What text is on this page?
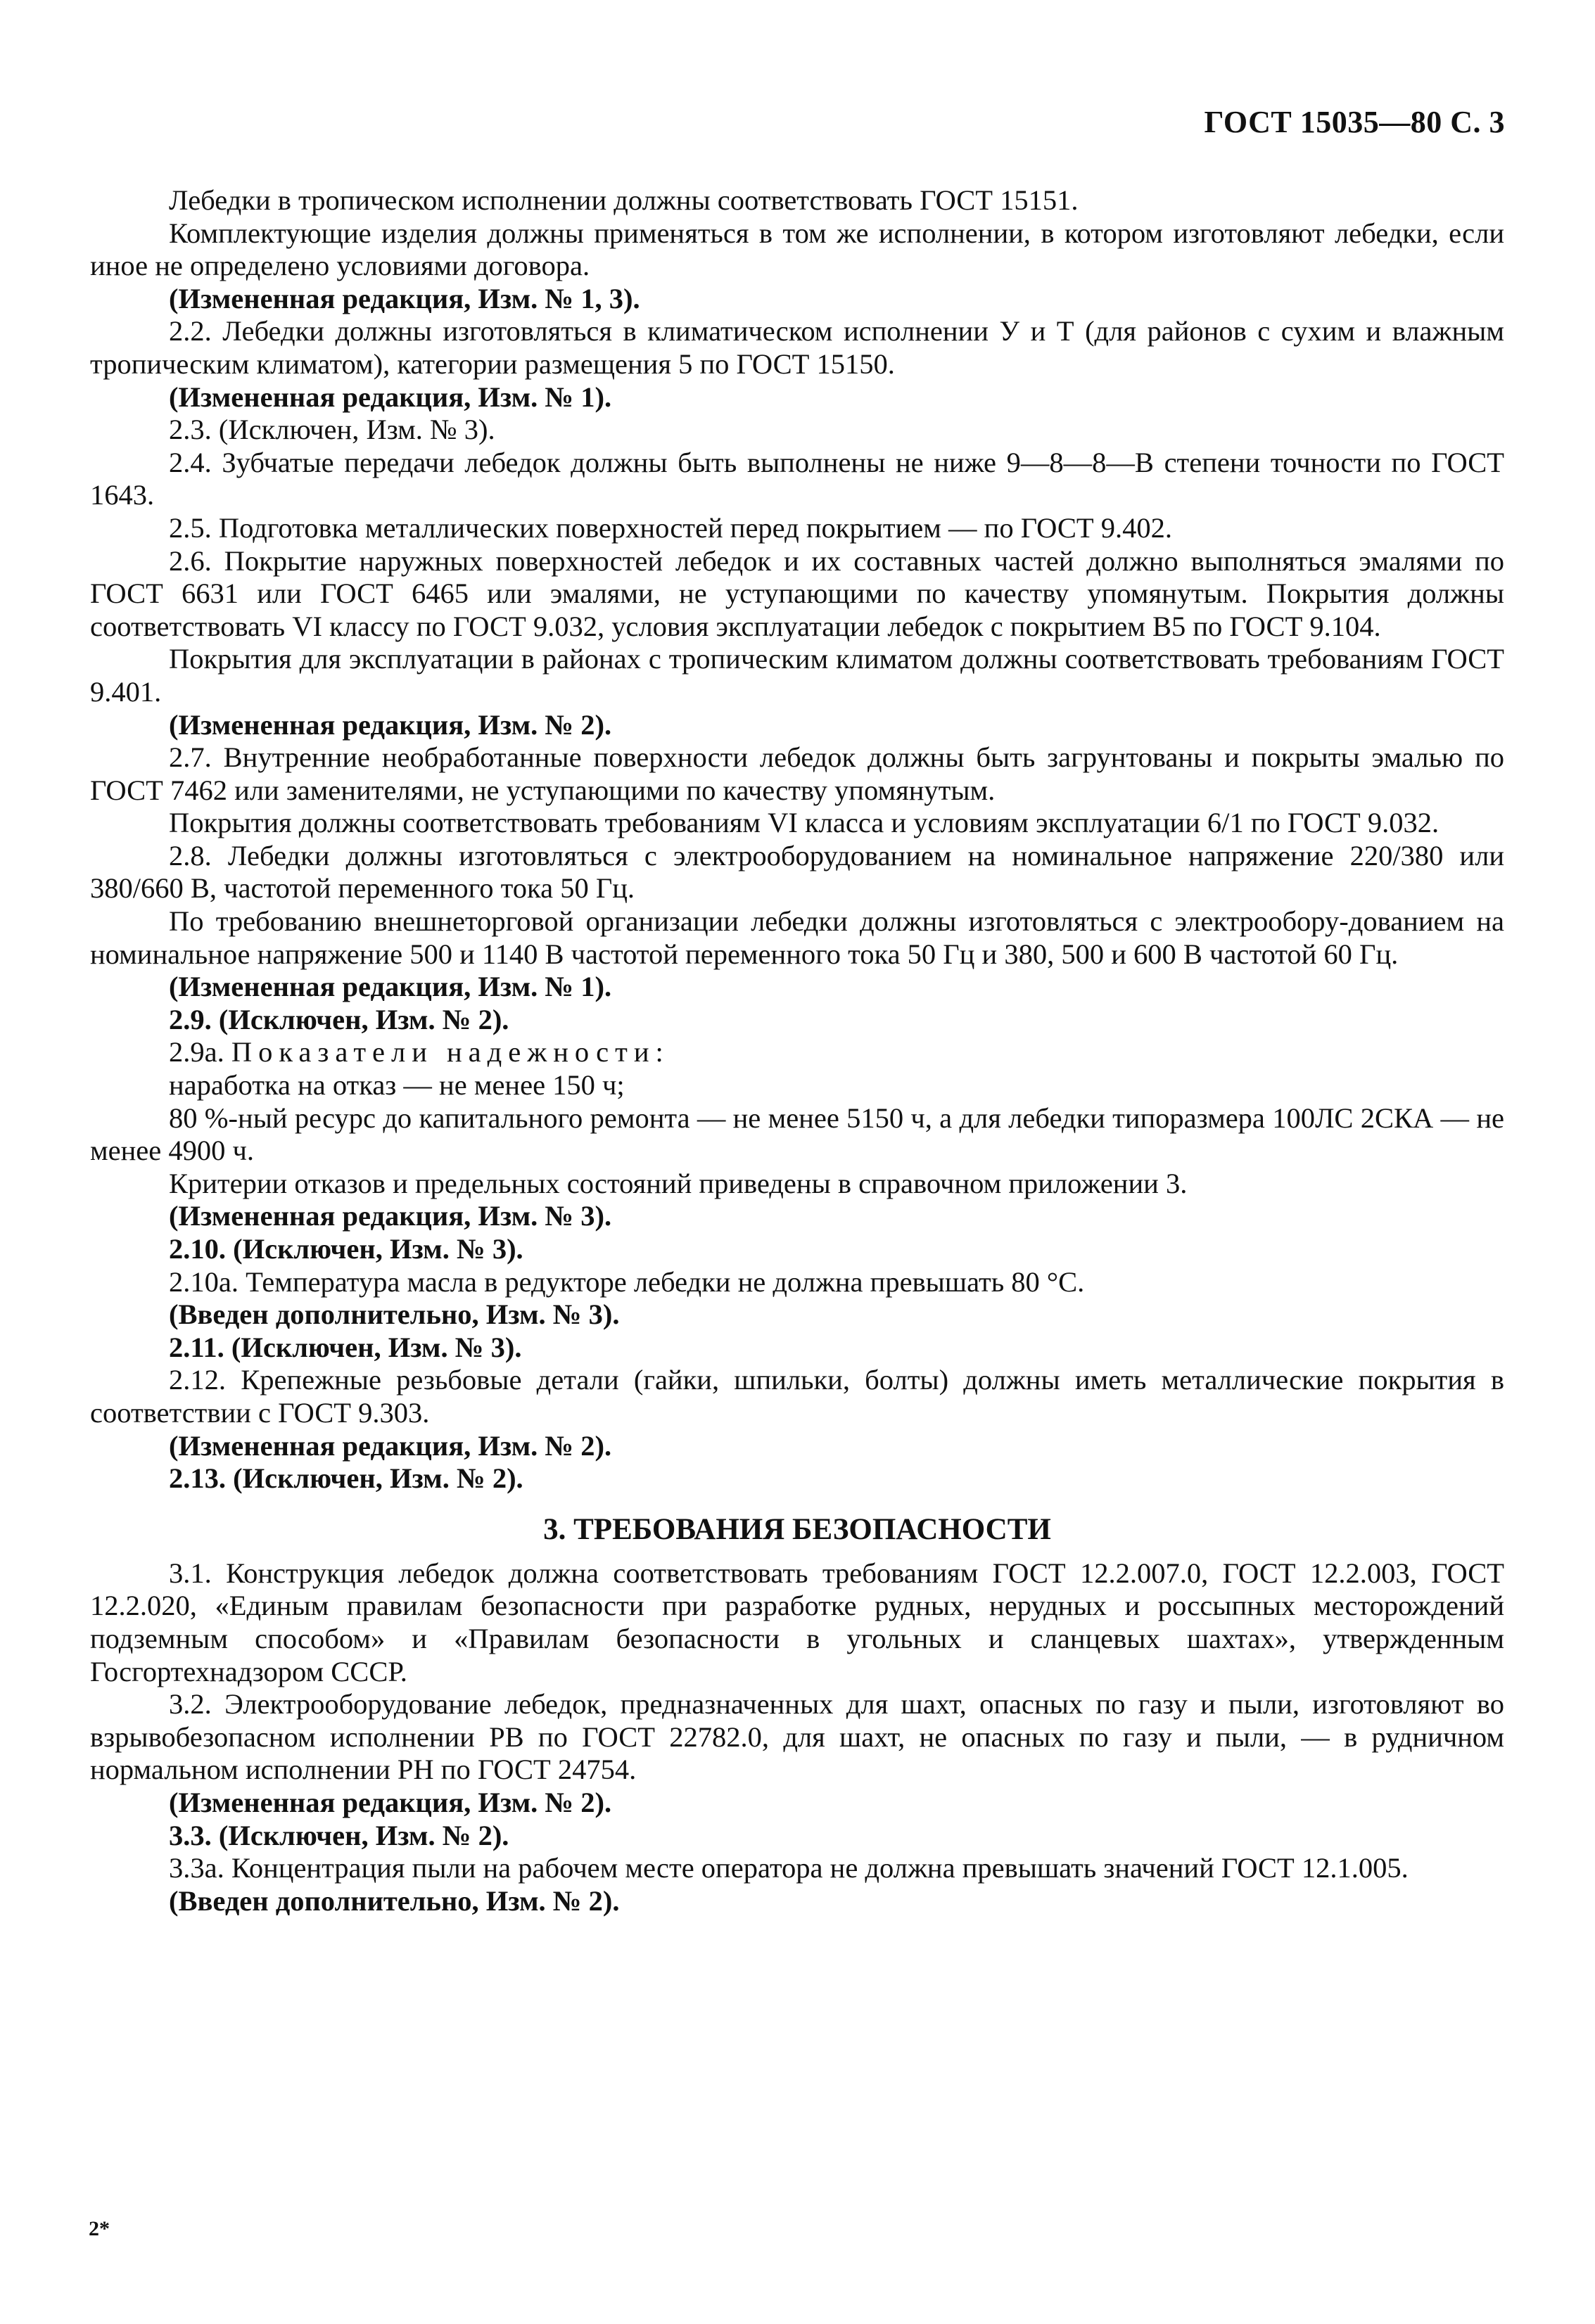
ГОСТ 15035—80 С. 3

Лебедки в тропическом исполнении должны соответствовать ГОСТ 15151.

Комплектующие изделия должны применяться в том же исполнении, в котором изготовляют лебедки, если иное не определено условиями договора.

(Измененная редакция, Изм. № 1, 3).

2.2. Лебедки должны изготовляться в климатическом исполнении У и Т (для районов с сухим и влажным тропическим климатом), категории размещения 5 по ГОСТ 15150.

(Измененная редакция, Изм. № 1).

2.3. (Исключен, Изм. № 3).

2.4. Зубчатые передачи лебедок должны быть выполнены не ниже 9—8—8—В степени точности по ГОСТ 1643.

2.5. Подготовка металлических поверхностей перед покрытием — по ГОСТ 9.402.

2.6. Покрытие наружных поверхностей лебедок и их составных частей должно выполняться эмалями по ГОСТ 6631 или ГОСТ 6465 или эмалями, не уступающими по качеству упомянутым. Покрытия должны соответствовать VI классу по ГОСТ 9.032, условия эксплуатации лебедок с покрытием В5 по ГОСТ 9.104.

Покрытия для эксплуатации в районах с тропическим климатом должны соответствовать требованиям ГОСТ 9.401.

(Измененная редакция, Изм. № 2).

2.7. Внутренние необработанные поверхности лебедок должны быть загрунтованы и покрыты эмалью по ГОСТ 7462 или заменителями, не уступающими по качеству упомянутым.

Покрытия должны соответствовать требованиям VI класса и условиям эксплуатации 6/1 по ГОСТ 9.032.

2.8. Лебедки должны изготовляться с электрооборудованием на номинальное напряжение 220/380 или 380/660 В, частотой переменного тока 50 Гц.

По требованию внешнеторговой организации лебедки должны изготовляться с электрообору-дованием на номинальное напряжение 500 и 1140 В частотой переменного тока 50 Гц и 380, 500 и 600 В частотой 60 Гц.

(Измененная редакция, Изм. № 1).

2.9. (Исключен, Изм. № 2).

2.9а. Показатели надежности:

наработка на отказ — не менее 150 ч;

80 %-ный ресурс до капитального ремонта — не менее 5150 ч, а для лебедки типоразмера 100ЛС 2СКА — не менее 4900 ч.

Критерии отказов и предельных состояний приведены в справочном приложении 3.

(Измененная редакция, Изм. № 3).

2.10. (Исключен, Изм. № 3).

2.10а. Температура масла в редукторе лебедки не должна превышать 80 °С.

(Введен дополнительно, Изм. № 3).

2.11. (Исключен, Изм. № 3).

2.12. Крепежные резьбовые детали (гайки, шпильки, болты) должны иметь металлические покрытия в соответствии с ГОСТ 9.303.

(Измененная редакция, Изм. № 2).

2.13. (Исключен, Изм. № 2).

3. ТРЕБОВАНИЯ БЕЗОПАСНОСТИ

3.1. Конструкция лебедок должна соответствовать требованиям ГОСТ 12.2.007.0, ГОСТ 12.2.003, ГОСТ 12.2.020, «Единым правилам безопасности при разработке рудных, нерудных и россыпных месторождений подземным способом» и «Правилам безопасности в угольных и сланцевых шахтах», утвержденным Госгортехнадзором СССР.

3.2. Электрооборудование лебедок, предназначенных для шахт, опасных по газу и пыли, изготовляют во взрывобезопасном исполнении РВ по ГОСТ 22782.0, для шахт, не опасных по газу и пыли, — в рудничном нормальном исполнении РН по ГОСТ 24754.

(Измененная редакция, Изм. № 2).

3.3. (Исключен, Изм. № 2).

3.3а. Концентрация пыли на рабочем месте оператора не должна превышать значений ГОСТ 12.1.005.

(Введен дополнительно, Изм. № 2).

2*
